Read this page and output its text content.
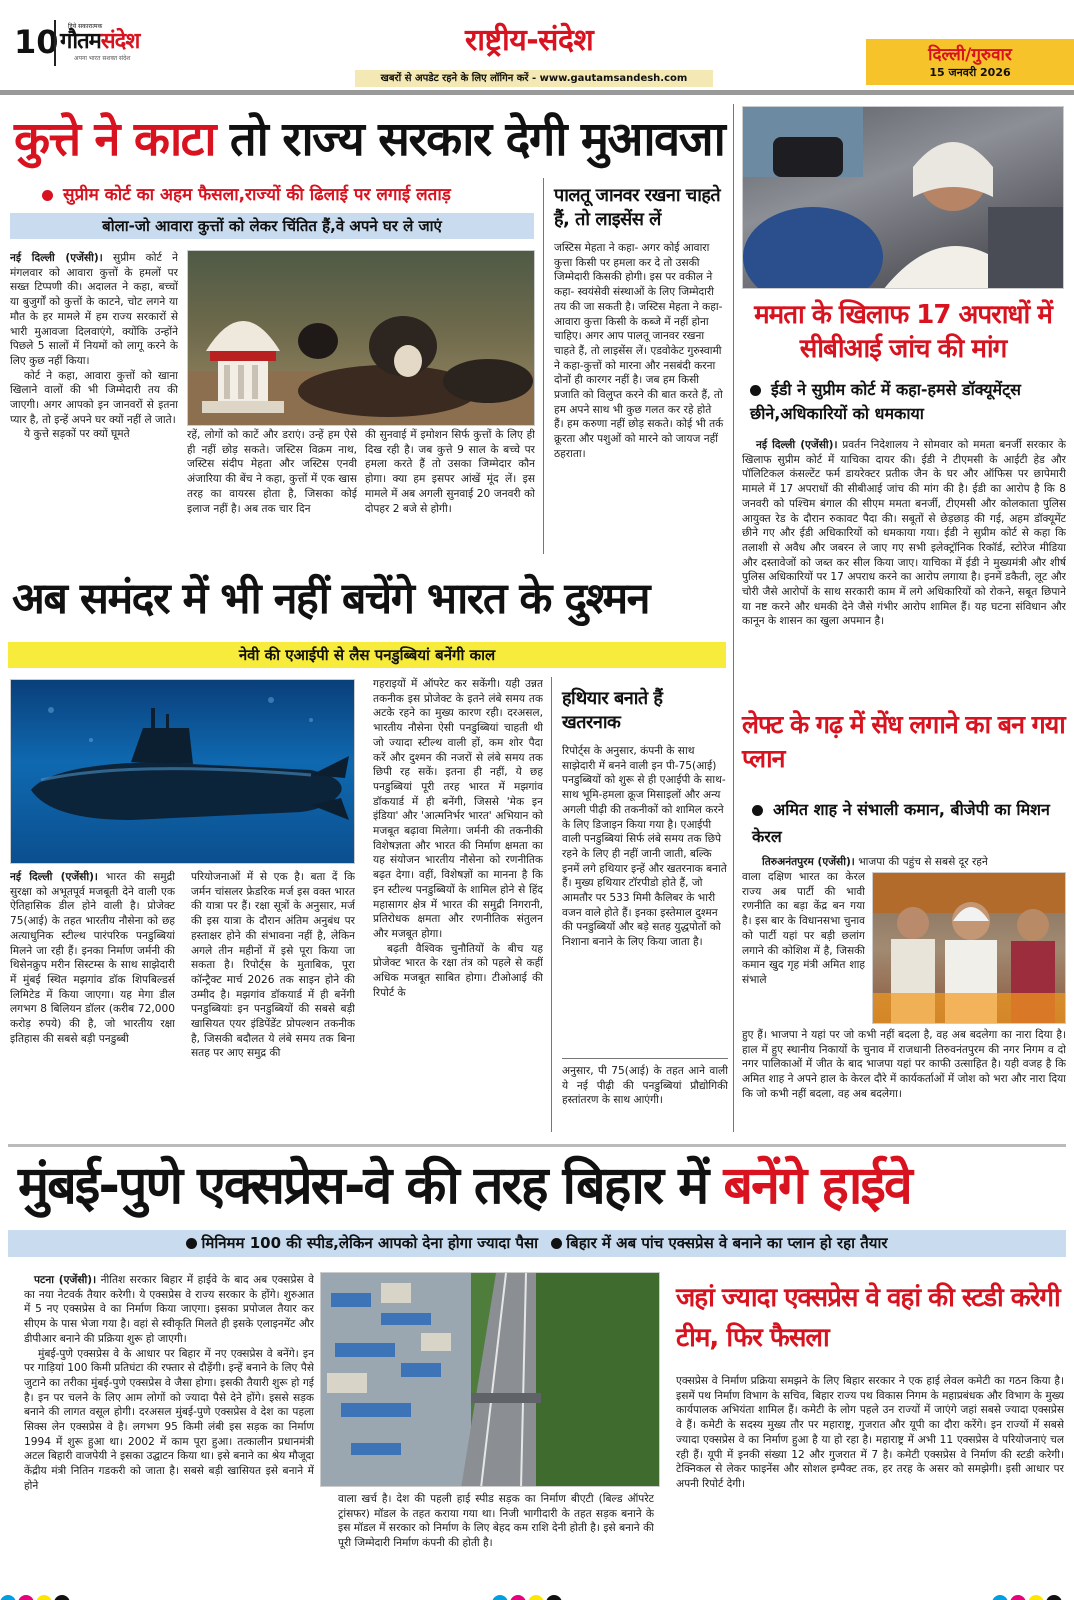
10 दिये सकारात्मक
गौतमसंदेश
अपना भारत सशक्त संदेश
राष्ट्रीय-संदेश
खबरों से अपडेट रहने के लिए लॉगिन करें - www.gautamsandesh.com
दिल्ली/गुरुवार
15 जनवरी 2026
कुत्ते ने काटा तो राज्य सरकार देगी मुआवजा
सुप्रीम कोर्ट का अहम फैसला,राज्यों की ढिलाई पर लगाई लताड़
बोला-जो आवारा कुत्तों को लेकर चिंतित हैं,वे अपने घर ले जाएं

नई दिल्ली (एजेंसी)। सुप्रीम कोर्ट ने मंगलवार को आवारा कुत्तों के हमलों पर सख्त टिप्पणी की। अदालत ने कहा, बच्चों या बुजुर्गों को कुत्तों के काटने, चोट लगने या मौत के हर मामले में हम राज्य सरकारों से भारी मुआवजा दिलवाएंगे, क्योंकि उन्होंने पिछले 5 सालों में नियमों को लागू करने के लिए कुछ नहीं किया।

कोर्ट ने कहा, आवारा कुत्तों को खाना खिलाने वालों की भी जिम्मेदारी तय की जाएगी। अगर आपको इन जानवरों से इतना प्यार है, तो इन्हें अपने घर क्यों नहीं ले जाते।

ये कुत्ते सड़कों पर क्यों घूमते	रहें, लोगों को काटें और डराएं। उन्हें हम ऐसे ही नहीं छोड़ सकते। जस्टिस विक्रम नाथ, जस्टिस संदीप मेहता और जस्टिस एनवी अंजारिया की बेंच ने कहा, कुत्तों में एक खास तरह का वायरस होता है, जिसका कोई इलाज नहीं है। अब तक चार दिन
की सुनवाई में इमोशन सिर्फ कुत्तों के लिए ही दिख रही है। जब कुत्ते 9 साल के बच्चे पर हमला करते हैं तो उसका जिम्मेदार कौन होगा। क्या हम इसपर आंखें मूंद लें। इस मामले में अब अगली सुनवाई 20 जनवरी को दोपहर 2 बजे से होगी।
पालतू जानवर रखना चाहते हैं, तो लाइसेंस लें
जस्टिस मेहता ने कहा- अगर कोई आवारा कुत्ता किसी पर हमला कर दे तो उसकी जिम्मेदारी किसकी होगी। इस पर वकील ने कहा- स्वयंसेवी संस्थाओं के लिए जिम्मेदारी तय की जा सकती है। जस्टिस मेहता ने कहा- आवारा कुत्ता किसी के कब्जे में नहीं होना चाहिए। अगर आप पालतू जानवर रखना चाहते हैं, तो लाइसेंस लें। एडवोकेट गुरुस्वामी ने कहा-कुत्तों को मारना और नसबंदी करना दोनों ही कारगर नहीं है। जब हम किसी प्रजाति को विलुप्त करने की बात करते हैं, तो हम अपने साथ भी कुछ गलत कर रहे होते हैं। हम करुणा नहीं छोड़ सकते। कोई भी तर्क क्रूरता और पशुओं को मारने को जायज नहीं ठहराता।
ममता के खिलाफ 17 अपराधों में सीबीआई जांच की मांग
ईडी ने सुप्रीम कोर्ट में कहा-हमसे डॉक्यूमेंट्स छीने,अधिकारियों को धमकाया
नई दिल्ली (एजेंसी)। प्रवर्तन निदेशालय ने सोमवार को ममता बनर्जी सरकार के खिलाफ सुप्रीम कोर्ट में याचिका दायर की। ईडी ने टीएमसी के आईटी हेड और पॉलिटिकल कंसल्टेंट फर्म डायरेक्टर प्रतीक जैन के घर और ऑफिस पर छापेमारी मामले में 17 अपराधों की सीबीआई जांच की मांग की है। ईडी का आरोप है कि 8 जनवरी को पश्चिम बंगाल की सीएम ममता बनर्जी, टीएमसी और कोलकाता पुलिस आयुक्त रेड के दौरान रुकावट पैदा की। सबूतों से छेड़छाड़ की गई, अहम डॉक्यूमेंट छीने गए और ईडी अधिकारियों को धमकाया गया। ईडी ने सुप्रीम कोर्ट से कहा कि तलाशी से अवैध और जबरन ले जाए गए सभी इलेक्ट्रॉनिक रिकॉर्ड, स्टोरेज मीडिया और दस्तावेजों को जब्त कर सील किया जाए। याचिका में ईडी ने मुख्यमंत्री और शीर्ष पुलिस अधिकारियों पर 17 अपराध करने का आरोप लगाया है। इनमें डकैती, लूट और चोरी जैसे आरोपों के साथ सरकारी काम में लगे अधिकारियों को रोकने, सबूत छिपाने या नष्ट करने और धमकी देने जैसे गंभीर आरोप शामिल हैं। यह घटना संविधान और कानून के शासन का खुला अपमान है।
अब समंदर में भी नहीं बचेंगे भारत के दुश्मन
नेवी की एआईपी से लैस पनडुब्बियां बनेंगी काल
नई दिल्ली (एजेंसी)। भारत की समुद्री सुरक्षा को अभूतपूर्व मजबूती देने वाली एक ऐतिहासिक डील होने वाली है। प्रोजेक्ट 75(आई) के तहत भारतीय नौसेना को छह अत्याधुनिक स्टील्थ पारंपरिक पनडुब्बियां मिलने जा रही हैं। इनका निर्माण जर्मनी की थिसेनक्रुप मरीन सिस्टम्स के साथ साझेदारी में मुंबई स्थित मझगांव डॉक शिपबिल्डर्स लिमिटेड में किया जाएगा। यह मेगा डील लगभग 8 बिलियन डॉलर (करीब 72,000 करोड़ रुपये) की है, जो भारतीय रक्षा इतिहास की सबसे बड़ी पनडुब्बी
परियोजनाओं में से एक है। बता दें कि जर्मन चांसलर फ्रेडरिक मर्ज इस वक्त भारत की यात्रा पर हैं। रक्षा सूत्रों के अनुसार, मर्ज की इस यात्रा के दौरान अंतिम अनुबंध पर हस्ताक्षर होने की संभावना नहीं है, लेकिन अगले तीन महीनों में इसे पूरा किया जा सकता है। रिपोर्ट्स के मुताबिक, पूरा कॉन्ट्रैक्ट मार्च 2026 तक साइन होने की उम्मीद है। मझगांव डॉकयार्ड में ही बनेंगी पनडुब्बियांः इन पनडुब्बियों की सबसे बड़ी खासियत एयर इंडिपेंडेंट प्रोपल्शन तकनीक है, जिसकी बदौलत ये लंबे समय तक बिना सतह पर आए समुद्र की

गहराइयों में ऑपरेट कर सकेंगी। यही उन्नत तकनीक इस प्रोजेक्ट के इतने लंबे समय तक अटके रहने का मुख्य कारण रही। दरअसल, भारतीय नौसेना ऐसी पनडुब्बियां चाहती थी जो ज्यादा स्टील्थ वाली हों, कम शोर पैदा करें और दुश्मन की नजरों से लंबे समय तक छिपी रह सकें। इतना ही नहीं, ये छह पनडुब्बियां पूरी तरह भारत में मझगांव डॉकयार्ड में ही बनेंगी, जिससे 'मेक इन इंडिया' और 'आत्मनिर्भर भारत' अभियान को मजबूत बढ़ावा मिलेगा। जर्मनी की तकनीकी विशेषज्ञता और भारत की निर्माण क्षमता का यह संयोजन भारतीय नौसेना को रणनीतिक बढ़त देगा। वहीं, विशेषज्ञों का मानना है कि इन स्टील्थ पनडुब्बियों के शामिल होने से हिंद महासागर क्षेत्र में भारत की समुद्री निगरानी, प्रतिरोधक क्षमता और रणनीतिक संतुलन और मजबूत होगा।

बढ़ती वैश्विक चुनौतियों के बीच यह प्रोजेक्ट भारत के रक्षा तंत्र को पहले से कहीं अधिक मजबूत साबित होगा। टीओआई की रिपोर्ट के

हथियार बनाते हैं खतरनाक
रिपोर्ट्स के अनुसार, कंपनी के साथ साझेदारी में बनने वाली इन पी-75(आई) पनडुब्बियों को शुरू से ही एआईपी के साथ-साथ भूमि-हमला क्रूज मिसाइलों और अन्य अगली पीढ़ी की तकनीकों को शामिल करने के लिए डिजाइन किया गया है। एआईपी वाली पनडुब्बियां सिर्फ लंबे समय तक छिपे रहने के लिए ही नहीं जानी जाती, बल्कि इनमें लगे हथियार इन्हें और खतरनाक बनाते हैं। मुख्य हथियार टॉरपीडो होते हैं, जो आमतौर पर 533 मिमी कैलिबर के भारी वजन वाले होते हैं। इनका इस्तेमाल दुश्मन की पनडुब्बियों और बड़े सतह युद्धपोतों को निशाना बनाने के लिए किया जाता है।
अनुसार, पी 75(आई) के तहत आने वाली ये नई पीढ़ी की पनडुब्बियां प्रौद्योगिकी हस्तांतरण के साथ आएंगी।
लेफ्ट के गढ़ में सेंध लगाने का बन गया प्लान
अमित शाह ने संभाली कमान, बीजेपी का मिशन केरल
तिरुअनंतपुरम (एजेंसी)। भाजपा की पहुंच से सबसे दूर रहने
वाला दक्षिण भारत का केरल राज्य अब पार्टी की भावी रणनीति का बड़ा केंद्र बन गया है। इस बार के विधानसभा चुनाव को पार्टी यहां पर बड़ी छलांग लगाने की कोशिश में है, जिसकी कमान खुद गृह मंत्री अमित शाह संभाले
हुए हैं। भाजपा ने यहां पर जो कभी नहीं बदला है, वह अब बदलेगा का नारा दिया है। हाल में हुए स्थानीय निकायों के चुनाव में राजधानी तिरुवनंतपुरम की नगर निगम व दो नगर पालिकाओं में जीत के बाद भाजपा यहां पर काफी उत्साहित है। यही वजह है कि अमित शाह ने अपने हाल के केरल दौरे में कार्यकर्ताओं में जोश को भरा और नारा दिया कि जो कभी नहीं बदला, वह अब बदलेगा।
मुंबई-पुणे एक्सप्रेस-वे की तरह बिहार में बनेंगे हाईवे
मिनिमम 100 की स्पीड,लेकिन आपको देना होगा ज्यादा पैसा बिहार में अब पांच एक्सप्रेस वे बनाने का प्लान हो रहा तैयार

पटना (एजेंसी)। नीतिश सरकार बिहार में हाईवे के बाद अब एक्सप्रेस वे का नया नेटवर्क तैयार करेगी। ये एक्सप्रेस वे राज्य सरकार के होंगे। शुरुआत में 5 नए एक्सप्रेस वे का निर्माण किया जाएगा। इसका प्रपोजल तैयार कर सीएम के पास भेजा गया है। वहां से स्वीकृति मिलते ही इसके एलाइनमेंट और डीपीआर बनाने की प्रक्रिया शुरू हो जाएगी।

मुंबई-पुणे एक्सप्रेस वे के आधार पर बिहार में नए एक्सप्रेस वे बनेंगे। इन पर गाड़ियां 100 किमी प्रतिघंटा की रफ्तार से दौड़ेंगी। इन्हें बनाने के लिए पैसे जुटाने का तरीका मुंबई-पुणे एक्सप्रेस वे जैसा होगा। इसकी तैयारी शुरू हो गई है। इन पर चलने के लिए आम लोगों को ज्यादा पैसे देने होंगे। इससे सड़क बनाने की लागत वसूल होगी। दरअसल मुंबई-पुणे एक्सप्रेस वे देश का पहला सिक्स लेन एक्सप्रेस वे है। लगभग 95 किमी लंबी इस सड़क का निर्माण 1994 में शुरू हुआ था। 2002 में काम पूरा हुआ। तत्कालीन प्रधानमंत्री अटल बिहारी वाजपेयी ने इसका उद्घाटन किया था। इसे बनाने का श्रेय मौजूदा केंद्रीय मंत्री नितिन गडकरी को जाता है। सबसे बड़ी खासियत इसे बनाने में होने

वाला खर्च है। देश की पहली हाई स्पीड सड़क का निर्माण बीएटी (बिल्ड ऑपरेट ट्रांसफर) मॉडल के तहत कराया गया था। निजी भागीदारी के तहत सड़क बनाने के इस मॉडल में सरकार को निर्माण के लिए बेहद कम राशि देनी होती है। इसे बनाने की पूरी जिम्मेदारी निर्माण कंपनी की होती है।
जहां ज्यादा एक्सप्रेस वे वहां की स्टडी करेगी टीम, फिर फैसला
एक्सप्रेस वे निर्माण प्रक्रिया समझने के लिए बिहार सरकार ने एक हाई लेवल कमेटी का गठन किया है। इसमें पथ निर्माण विभाग के सचिव, बिहार राज्य पथ विकास निगम के महाप्रबंधक और विभाग के मुख्य कार्यपालक अभियंता शामिल हैं। कमेटी के लोग पहले उन राज्यों में जाएंगे जहां सबसे ज्यादा एक्सप्रेस वे हैं। कमेटी के सदस्य मुख्य तौर पर महाराष्ट्र, गुजरात और यूपी का दौरा करेंगे। इन राज्यों में सबसे ज्यादा एक्सप्रेस वे का निर्माण हुआ है या हो रहा है। महाराष्ट्र में अभी 11 एक्सप्रेस वे परियोजनाएं चल रही हैं। यूपी में इनकी संख्या 12 और गुजरात में 7 है। कमेटी एक्सप्रेस वे निर्माण की स्टडी करेगी। टेक्निकल से लेकर फाइनेंस और सोशल इम्पैक्ट तक, हर तरह के असर को समझेगी। इसी आधार पर अपनी रिपोर्ट देगी।
